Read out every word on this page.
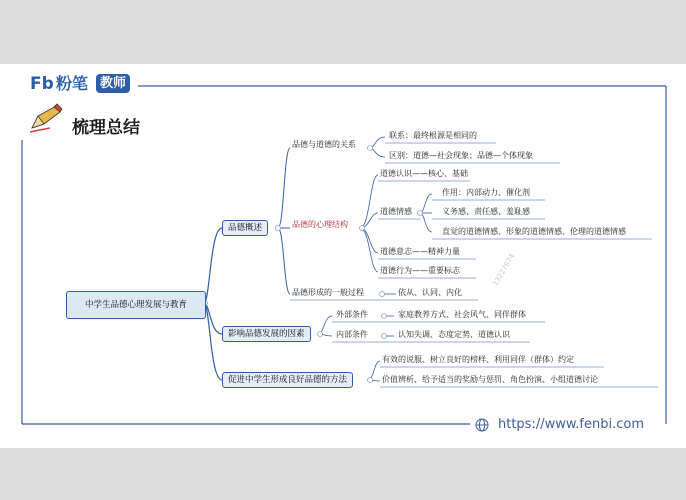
Fb 粉笔 教师
梳理总结
中学生品德心理发展与教育
品德概述
品德与道德的关系
联系：最终根源是相同的
区别：道德—社会现象；品德—个体现象
品德的心理结构
道德认识——核心、基础
道德情感
作用：内部动力、催化剂
义务感、责任感、羞耻感
直觉的道德情感、形象的道德情感、伦理的道德情感
道德意志——精神力量
道德行为——重要标志
品德形成的一般过程	依从、认同、内化
影响品德发展的因素
外部条件	家庭教养方式、社会风气、同伴群体
内部条件	认知失调、态度定势、道德认识
促进中学生形成良好品德的方法
有效的说服、树立良好的榜样、利用同伴（群体）约定
价值辨析、给予适当的奖励与惩罚、角色扮演、小组道德讨论
13227674
https://www.fenbi.com
